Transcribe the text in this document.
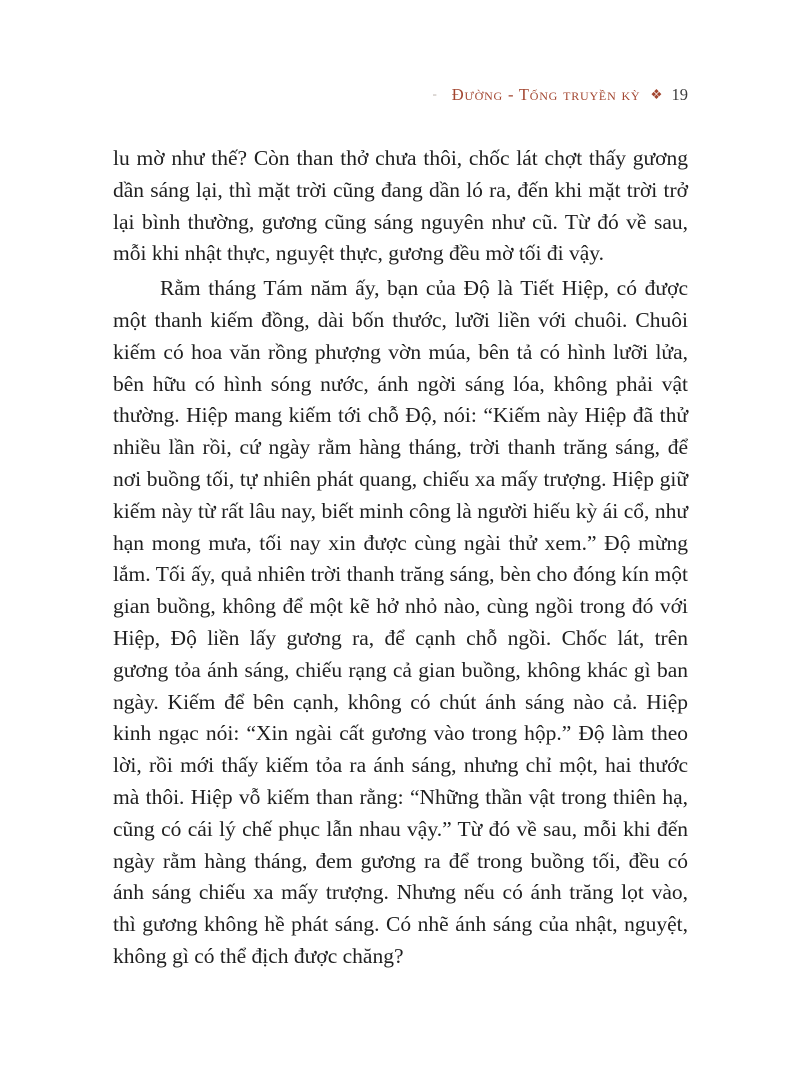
- Đường - Tống truyền kỳ ❖ 19

lu mờ như thế? Còn than thở chưa thôi, chốc lát chợt thấy gương dần sáng lại, thì mặt trời cũng đang dần ló ra, đến khi mặt trời trở lại bình thường, gương cũng sáng nguyên như cũ. Từ đó về sau, mỗi khi nhật thực, nguyệt thực, gương đều mờ tối đi vậy.

Rằm tháng Tám năm ấy, bạn của Độ là Tiết Hiệp, có được một thanh kiếm đồng, dài bốn thước, lưỡi liền với chuôi. Chuôi kiếm có hoa văn rồng phượng vờn múa, bên tả có hình lưỡi lửa, bên hữu có hình sóng nước, ánh ngời sáng lóa, không phải vật thường. Hiệp mang kiếm tới chỗ Độ, nói: “Kiếm này Hiệp đã thử nhiều lần rồi, cứ ngày rằm hàng tháng, trời thanh trăng sáng, để nơi buồng tối, tự nhiên phát quang, chiếu xa mấy trượng. Hiệp giữ kiếm này từ rất lâu nay, biết minh công là người hiếu kỳ ái cổ, như hạn mong mưa, tối nay xin được cùng ngài thử xem.” Độ mừng lắm. Tối ấy, quả nhiên trời thanh trăng sáng, bèn cho đóng kín một gian buồng, không để một kẽ hở nhỏ nào, cùng ngồi trong đó với Hiệp, Độ liền lấy gương ra, để cạnh chỗ ngồi. Chốc lát, trên gương tỏa ánh sáng, chiếu rạng cả gian buồng, không khác gì ban ngày. Kiếm để bên cạnh, không có chút ánh sáng nào cả. Hiệp kinh ngạc nói: “Xin ngài cất gương vào trong hộp.” Độ làm theo lời, rồi mới thấy kiếm tỏa ra ánh sáng, nhưng chỉ một, hai thước mà thôi. Hiệp vỗ kiếm than rằng: “Những thần vật trong thiên hạ, cũng có cái lý chế phục lẫn nhau vậy.” Từ đó về sau, mỗi khi đến ngày rằm hàng tháng, đem gương ra để trong buồng tối, đều có ánh sáng chiếu xa mấy trượng. Nhưng nếu có ánh trăng lọt vào, thì gương không hề phát sáng. Có nhẽ ánh sáng của nhật, nguyệt, không gì có thể địch được chăng?
